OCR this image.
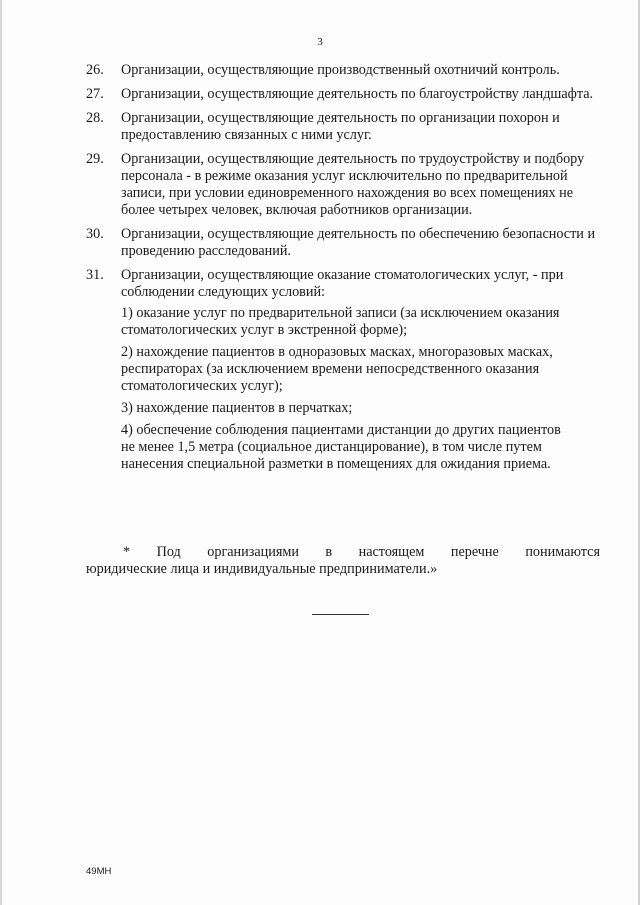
3
26. Организации, осуществляющие производственный охотничий контроль.
27. Организации, осуществляющие деятельность по благоустройству ландшафта.
28. Организации, осуществляющие деятельность по организации похорон и предоставлению связанных с ними услуг.
29. Организации, осуществляющие деятельность по трудоустройству и подбору персонала - в режиме оказания услуг исключительно по предварительной записи, при условии единовременного нахождения во всех помещениях не более четырех человек, включая работников организации.
30. Организации, осуществляющие деятельность по обеспечению безопасности и проведению расследований.
31. Организации, осуществляющие оказание стоматологических услуг, - при соблюдении следующих условий:
1) оказание услуг по предварительной записи (за исключением оказания стоматологических услуг в экстренной форме);
2) нахождение пациентов в одноразовых масках, многоразовых масках, респираторах (за исключением времени непосредственного оказания стоматологических услуг);
3) нахождение пациентов в перчатках;
4) обеспечение соблюдения пациентами дистанции до других пациентов не менее 1,5 метра (социальное дистанцирование), в том числе путем нанесения специальной разметки в помещениях для ожидания приема.
* Под организациями в настоящем перечне понимаются
юридические лица и индивидуальные предприниматели.»
49МН
